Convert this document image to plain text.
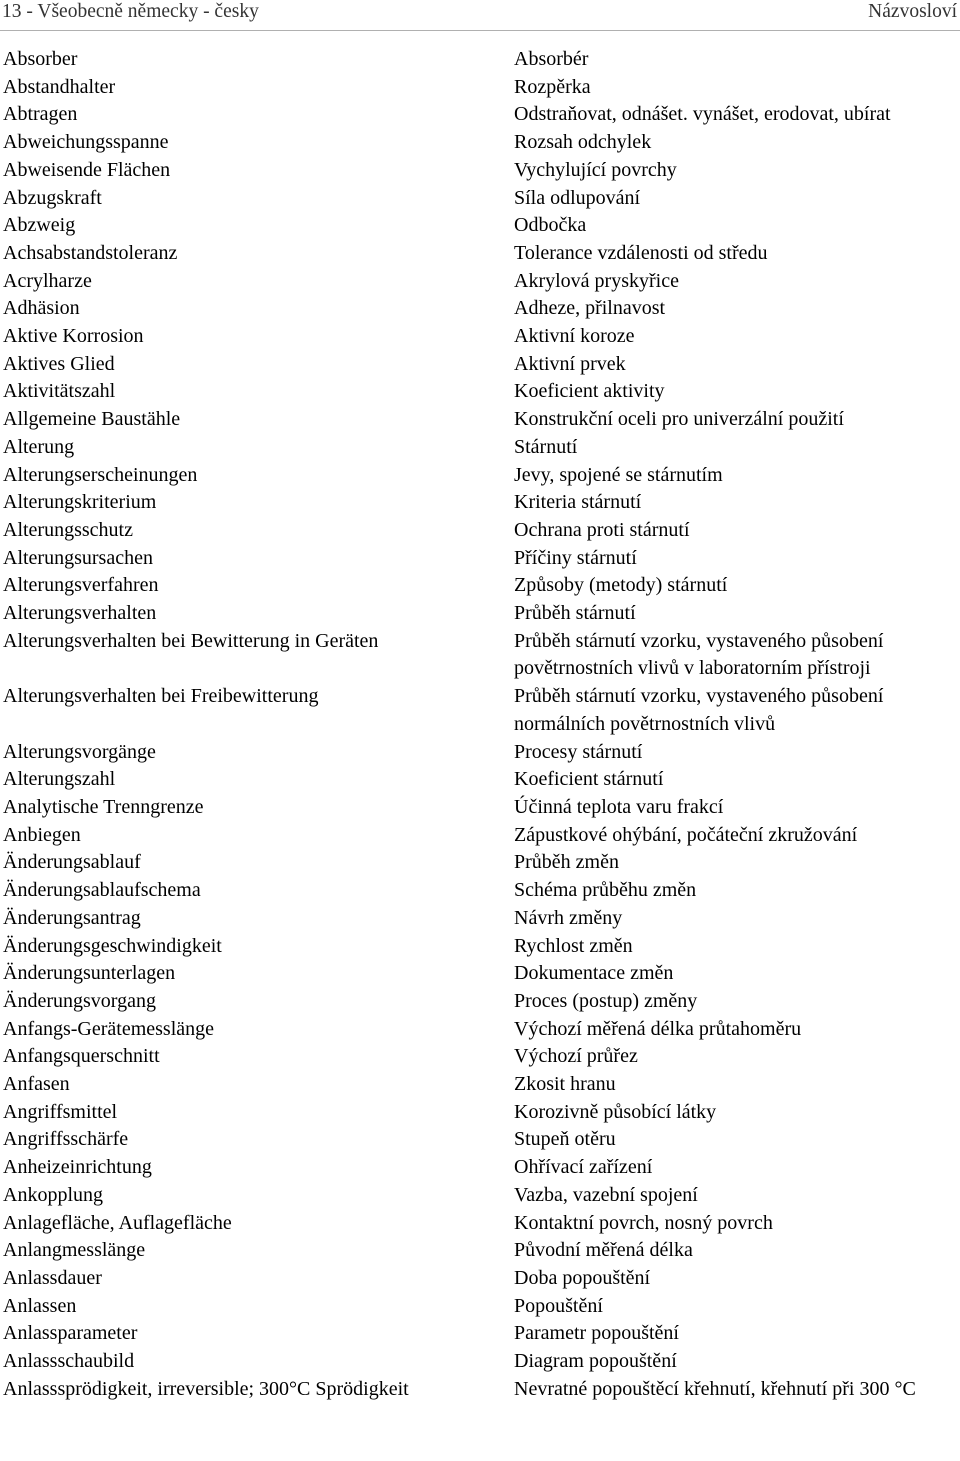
13 - Všeobecně německy - česky	Názvosloví
Absorber	Absorbér
Abstandhalter	Rozpěrka
Abtragen	Odstraňovat, odnášet. vynášet, erodovat, ubírat
Abweichungsspanne	Rozsah odchylek
Abweisende Flächen	Vychylující povrchy
Abzugskraft	Síla odlupování
Abzweig	Odbočka
Achsabstandstoleranz	Tolerance vzdálenosti od středu
Acrylharze	Akrylová pryskyřice
Adhäsion	Adheze, přilnavost
Aktive Korrosion	Aktivní koroze
Aktives Glied	Aktivní prvek
Aktivitätszahl	Koeficient aktivity
Allgemeine Baustähle	Konstrukční oceli pro univerzální použití
Alterung	Stárnutí
Alterungserscheinungen	Jevy, spojené se stárnutím
Alterungskriterium	Kriteria stárnutí
Alterungsschutz	Ochrana proti stárnutí
Alterungsursachen	Příčiny stárnutí
Alterungsverfahren	Způsoby (metody) stárnutí
Alterungsverhalten	Průběh stárnutí
Alterungsverhalten bei Bewitterung in Geräten	Průběh stárnutí vzorku, vystaveného působení povětrnostních vlivů v laboratorním přístroji
Alterungsverhalten bei Freibewitterung	Průběh stárnutí vzorku, vystaveného působení normálních povětrnostních vlivů
Alterungsvorgänge	Procesy stárnutí
Alterungszahl	Koeficient stárnutí
Analytische Trenngrenze	Účinná teplota varu frakcí
Anbiegen	Zápustkové ohýbání, počáteční zkružování
Änderungsablauf	Průběh změn
Änderungsablaufschema	Schéma průběhu změn
Änderungsantrag	Návrh změny
Änderungsgeschwindigkeit	Rychlost změn
Änderungsunterlagen	Dokumentace změn
Änderungsvorgang	Proces (postup) změny
Anfangs-Gerätemesslänge	Výchozí měřená délka průtahoměru
Anfangsquerschnitt	Výchozí průřez
Anfasen	Zkosit hranu
Angriffsmittel	Korozivně působící látky
Angriffsschärfe	Stupeň otěru
Anheizeinrichtung	Ohřívací zařízení
Ankopplung	Vazba, vazební spojení
Anlagefläche, Auflagefläche	Kontaktní povrch, nosný povrch
Anlangmesslänge	Původní měřená délka
Anlassdauer	Doba popouštění
Anlassen	Popouštění
Anlassparameter	Parametr popouštění
Anlassschaubild	Diagram popouštění
Anlasssprödigkeit, irreversible; 300°C Sprödigkeit	Nevratné popouštěcí křehnutí, křehnutí při 300 °C
